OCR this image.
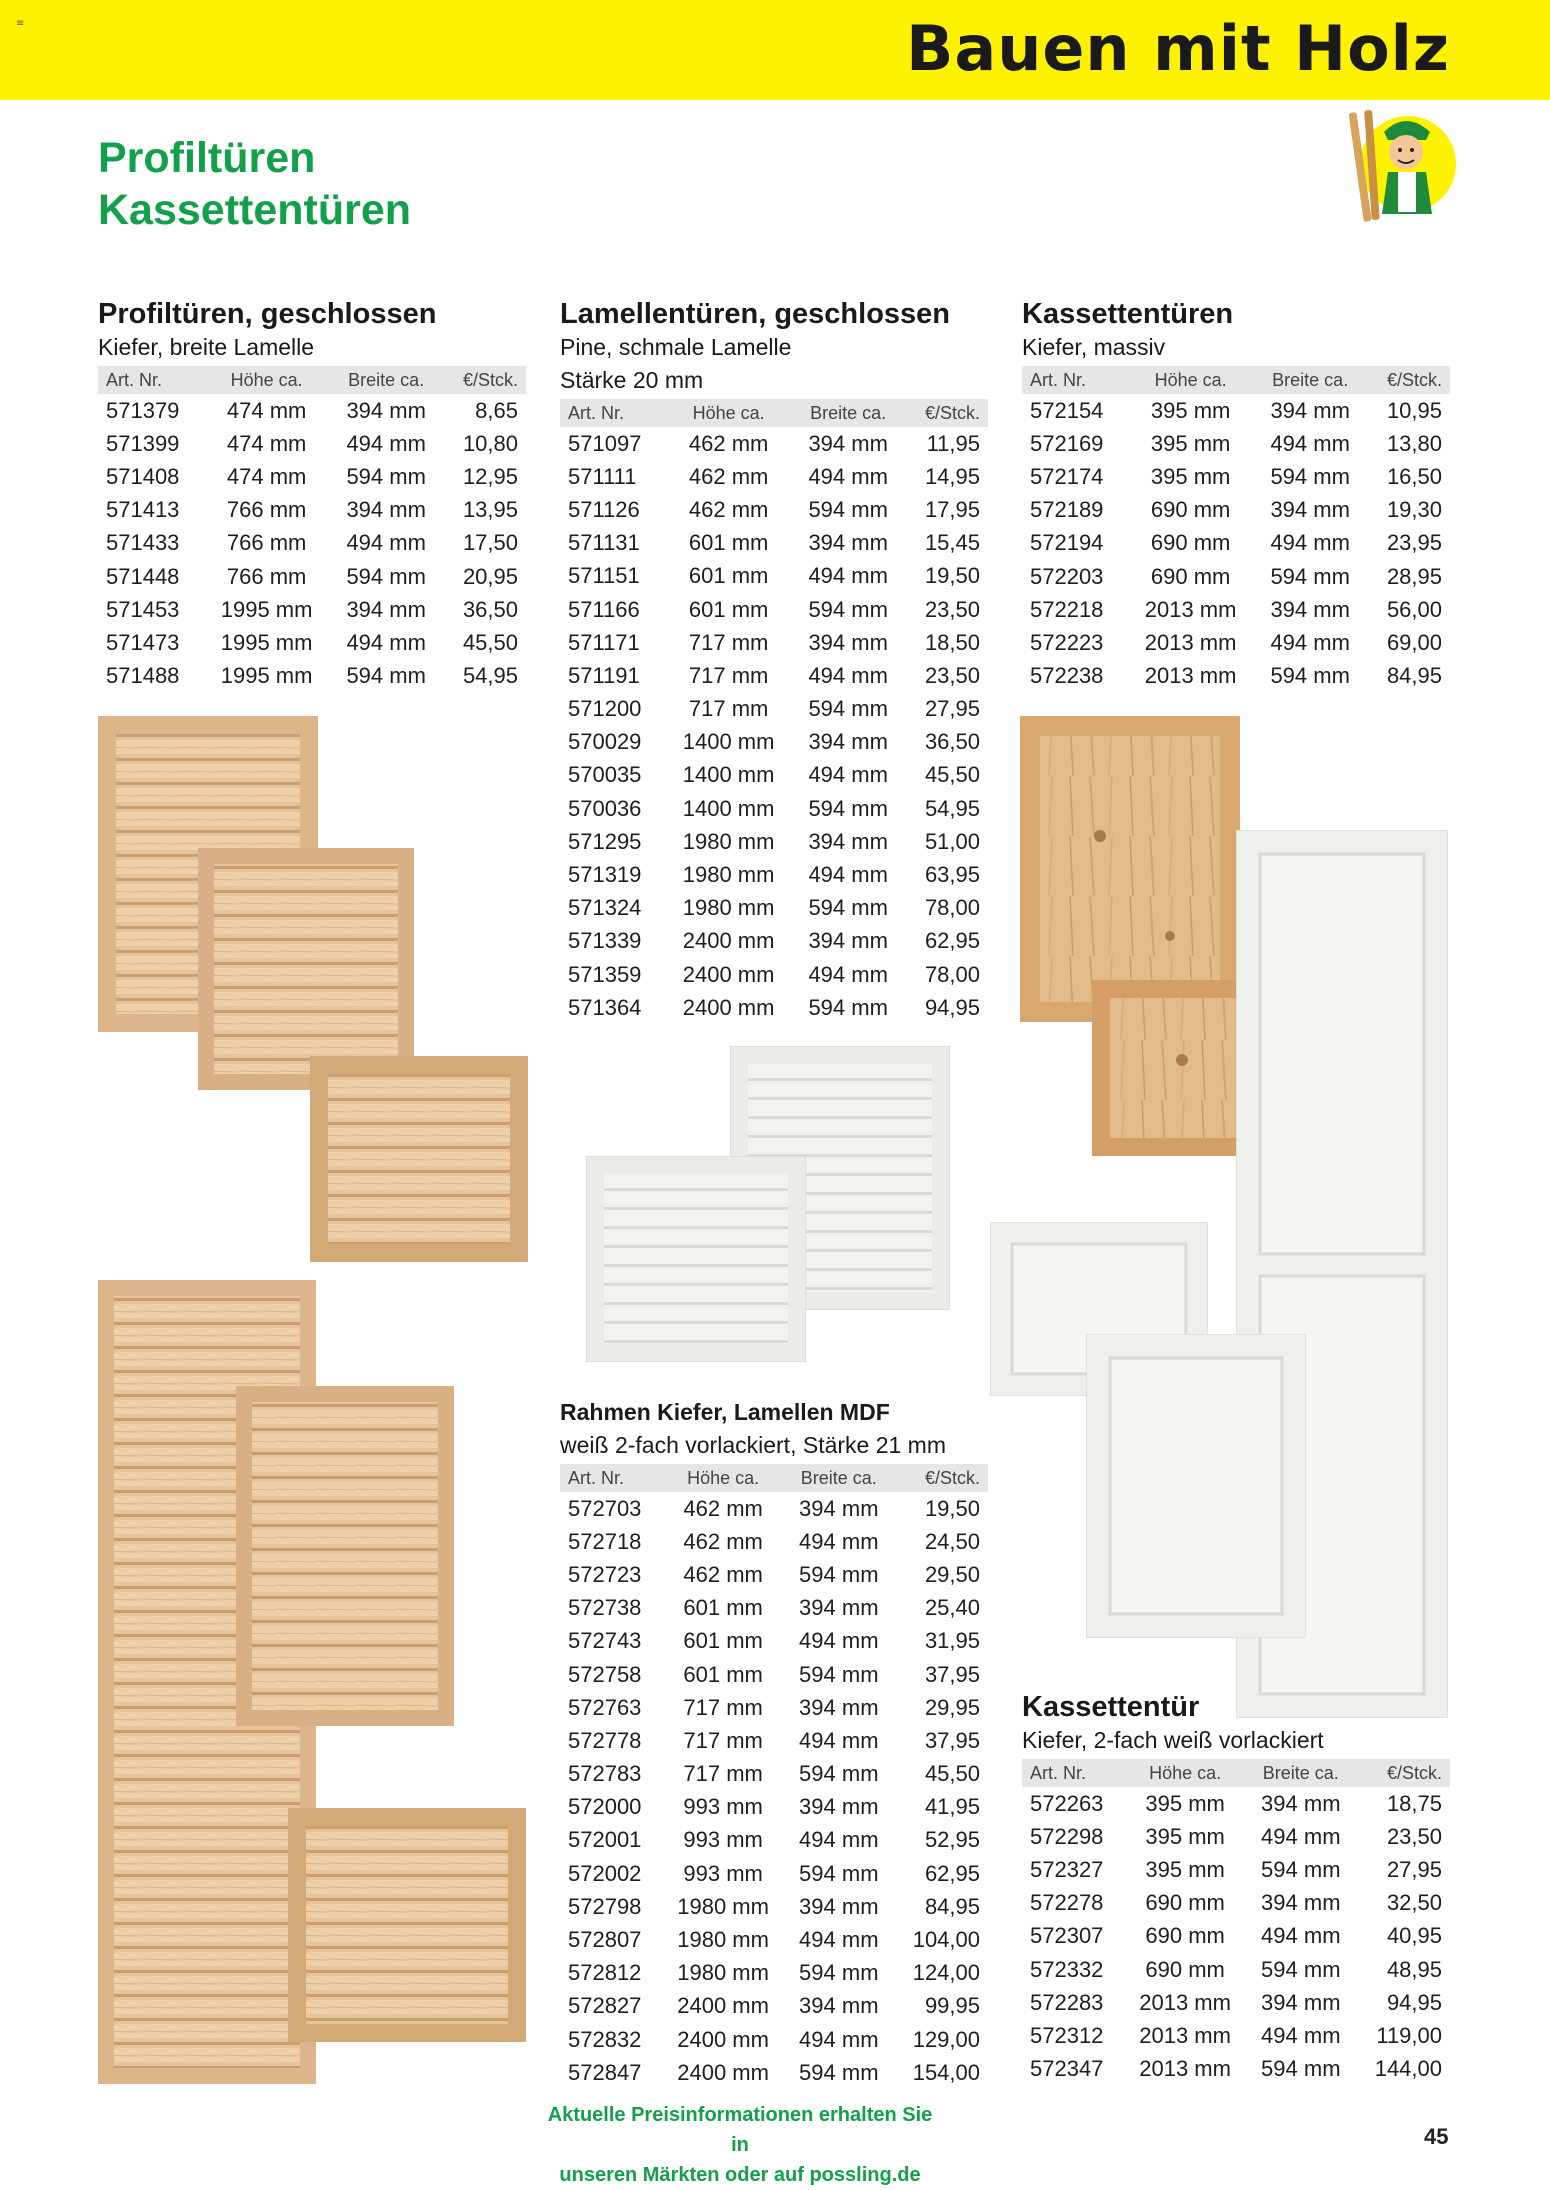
≡	Bauen mit Holz
Profiltüren
Kassettentüren
Profiltüren, geschlossen
Kiefer, breite Lamelle
Art. Nr.	Höhe ca.	Breite ca.	€/Stck.
571379	474 mm	394 mm	8,65
571399	474 mm	494 mm	10,80
571408	474 mm	594 mm	12,95
571413	766 mm	394 mm	13,95
571433	766 mm	494 mm	17,50
571448	766 mm	594 mm	20,95
571453	1995 mm	394 mm	36,50
571473	1995 mm	494 mm	45,50
571488	1995 mm	594 mm	54,95
Lamellentüren, geschlossen
Pine, schmale Lamelle
Stärke 20 mm
Art. Nr.	Höhe ca.	Breite ca.	€/Stck.
571097	462 mm	394 mm	11,95
571111	462 mm	494 mm	14,95
571126	462 mm	594 mm	17,95
571131	601 mm	394 mm	15,45
571151	601 mm	494 mm	19,50
571166	601 mm	594 mm	23,50
571171	717 mm	394 mm	18,50
571191	717 mm	494 mm	23,50
571200	717 mm	594 mm	27,95
570029	1400 mm	394 mm	36,50
570035	1400 mm	494 mm	45,50
570036	1400 mm	594 mm	54,95
571295	1980 mm	394 mm	51,00
571319	1980 mm	494 mm	63,95
571324	1980 mm	594 mm	78,00
571339	2400 mm	394 mm	62,95
571359	2400 mm	494 mm	78,00
571364	2400 mm	594 mm	94,95
Kassettentüren
Kiefer, massiv
Art. Nr.	Höhe ca.	Breite ca.	€/Stck.
572154	395 mm	394 mm	10,95
572169	395 mm	494 mm	13,80
572174	395 mm	594 mm	16,50
572189	690 mm	394 mm	19,30
572194	690 mm	494 mm	23,95
572203	690 mm	594 mm	28,95
572218	2013 mm	394 mm	56,00
572223	2013 mm	494 mm	69,00
572238	2013 mm	594 mm	84,95
Rahmen Kiefer, Lamellen MDF
weiß 2-fach vorlackiert, Stärke 21 mm
Art. Nr.	Höhe ca.	Breite ca.	€/Stck.
572703	462 mm	394 mm	19,50
572718	462 mm	494 mm	24,50
572723	462 mm	594 mm	29,50
572738	601 mm	394 mm	25,40
572743	601 mm	494 mm	31,95
572758	601 mm	594 mm	37,95
572763	717 mm	394 mm	29,95
572778	717 mm	494 mm	37,95
572783	717 mm	594 mm	45,50
572000	993 mm	394 mm	41,95
572001	993 mm	494 mm	52,95
572002	993 mm	594 mm	62,95
572798	1980 mm	394 mm	84,95
572807	1980 mm	494 mm	104,00
572812	1980 mm	594 mm	124,00
572827	2400 mm	394 mm	99,95
572832	2400 mm	494 mm	129,00
572847	2400 mm	594 mm	154,00
Kassettentür
Kiefer, 2-fach weiß vorlackiert
Art. Nr.	Höhe ca.	Breite ca.	€/Stck.
572263	395 mm	394 mm	18,75
572298	395 mm	494 mm	23,50
572327	395 mm	594 mm	27,95
572278	690 mm	394 mm	32,50
572307	690 mm	494 mm	40,95
572332	690 mm	594 mm	48,95
572283	2013 mm	394 mm	94,95
572312	2013 mm	494 mm	119,00
572347	2013 mm	594 mm	144,00
Aktuelle Preisinformationen erhalten Sie in
unseren Märkten oder auf possling.de
45
